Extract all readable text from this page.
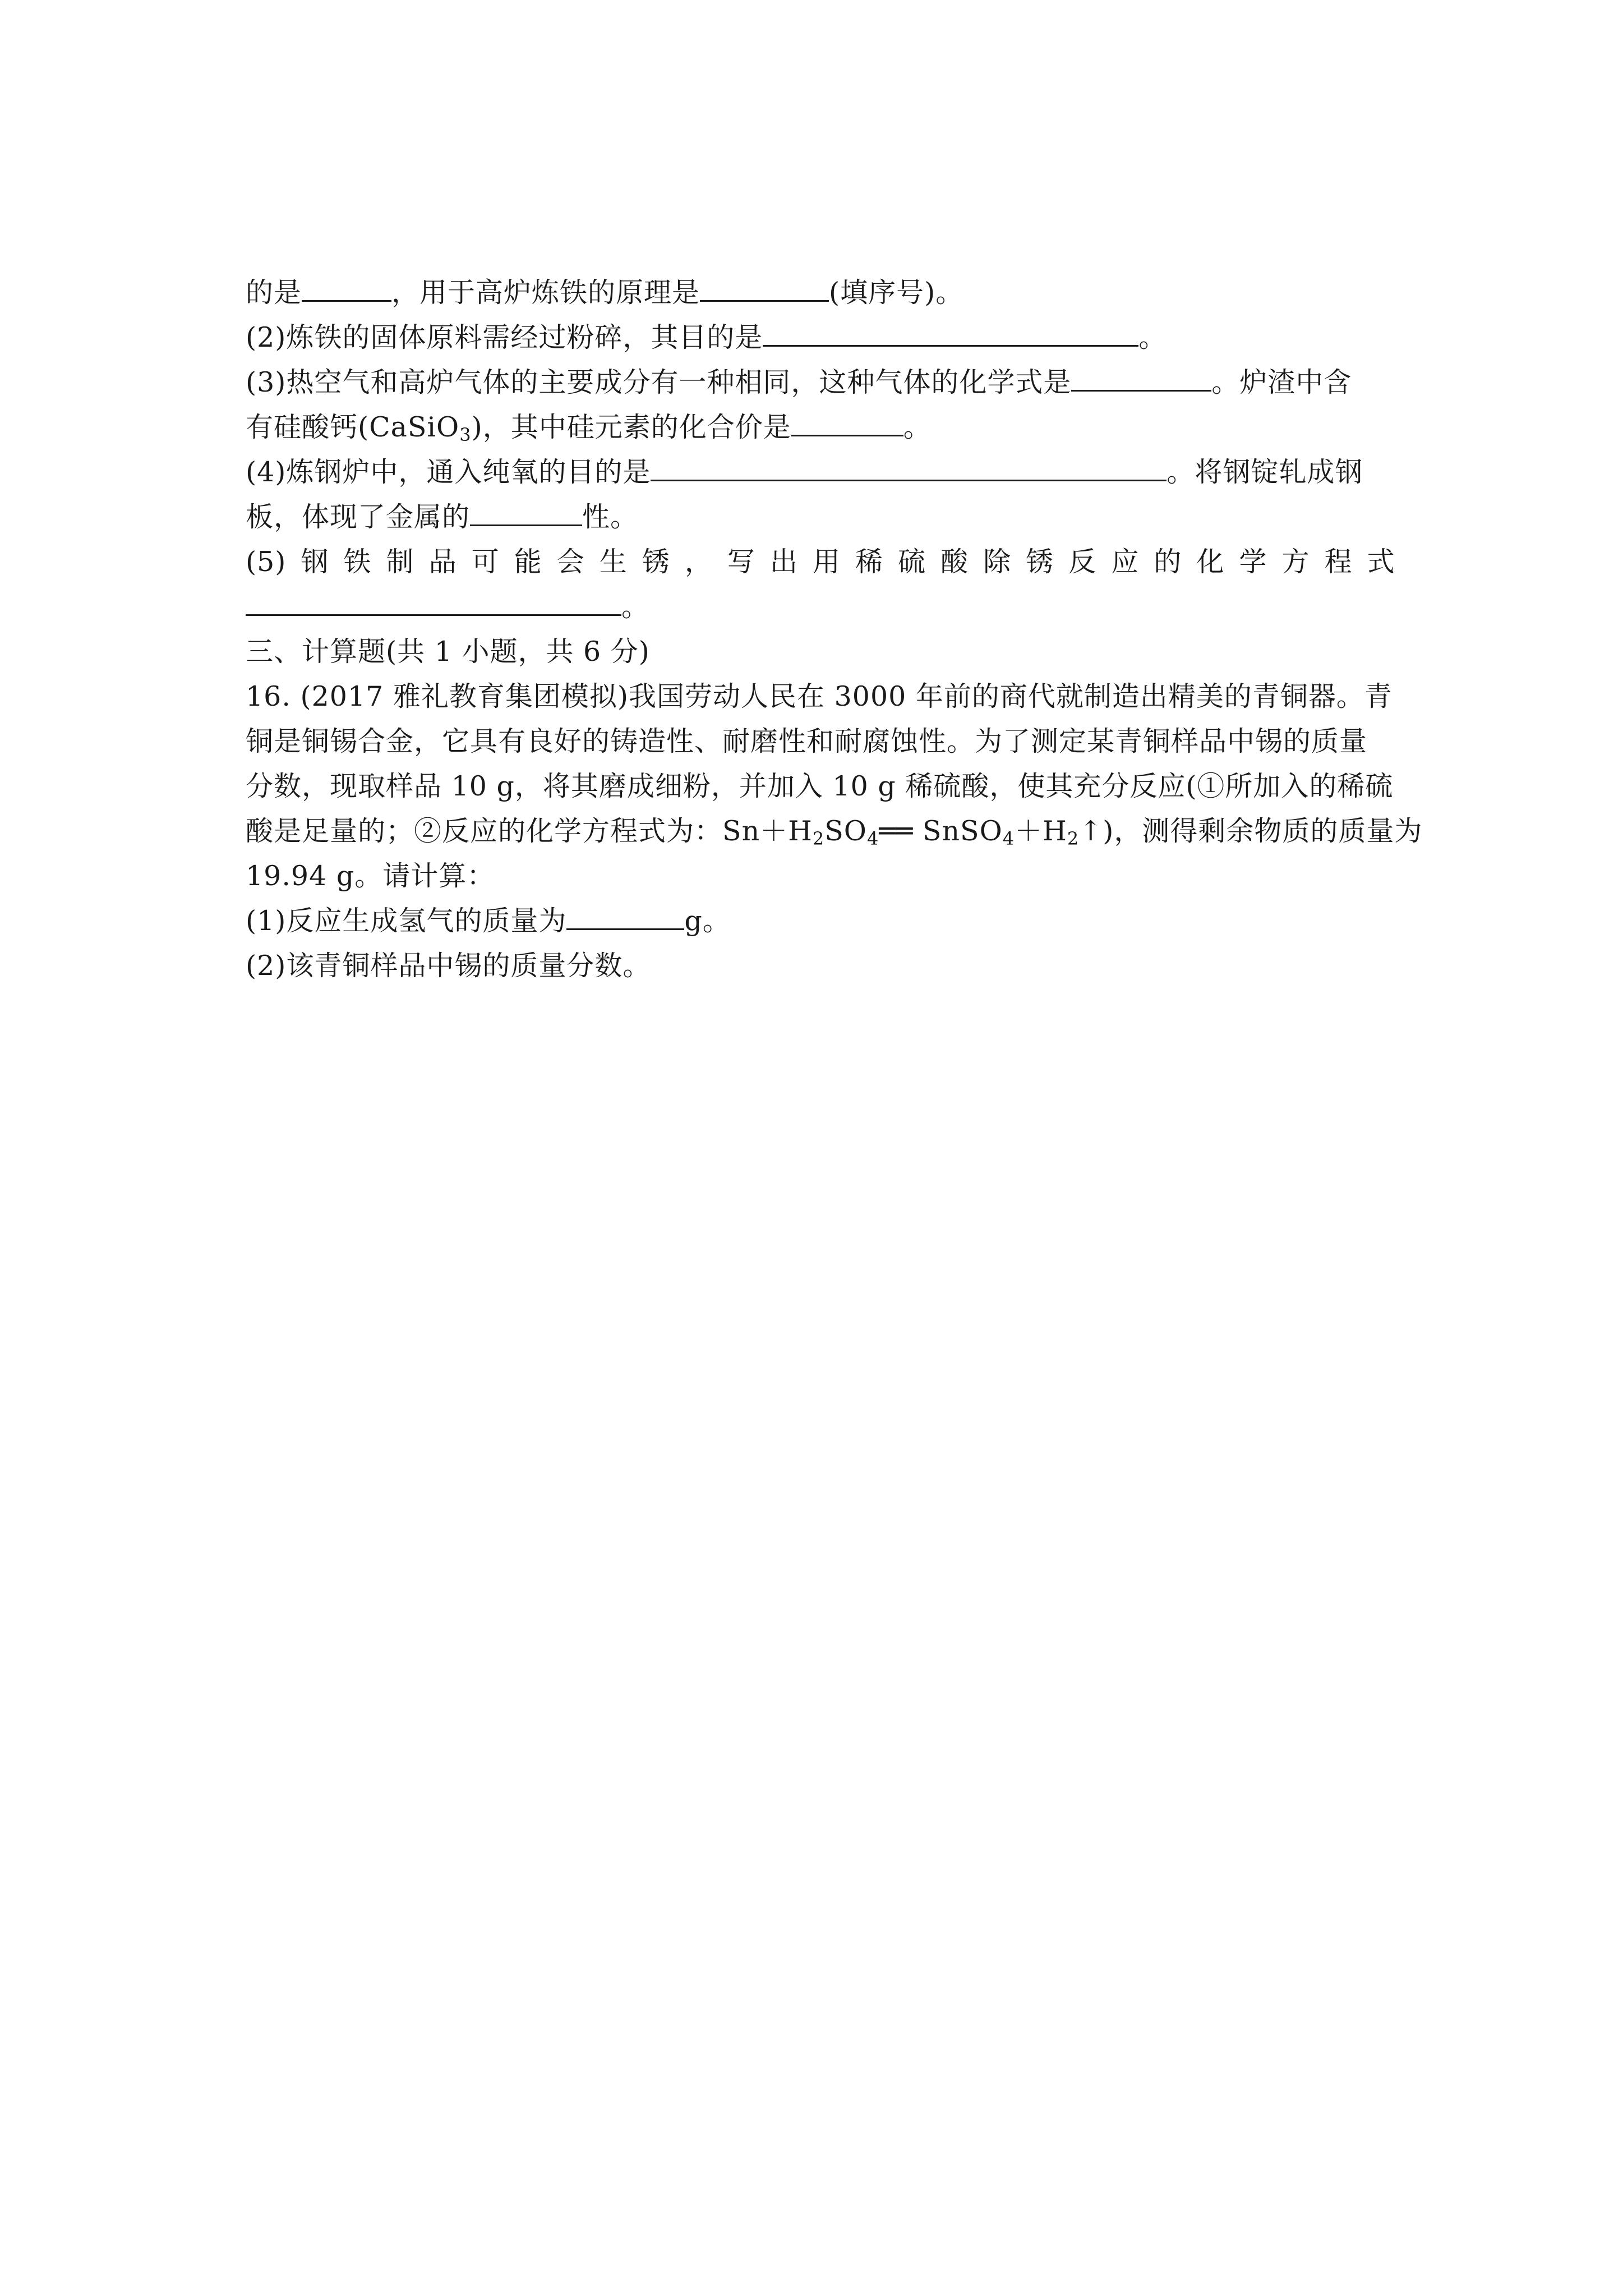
的是	，用于高炉炼铁的原理是	(填序号)。
(2)炼铁的固体原料需经过粉碎，其目的是	。
(3)热空气和高炉气体的主要成分有一种相同，这种气体的化学式是	。炉渣中含
有硅酸钙(CaSiO$_3$)，其中硅元素的化合价是	。
(4)炼钢炉中，通入纯氧的目的是	。将钢锭轧成钢
板，体现了金属的	性。
(5) 钢 铁 制 品 可 能 会 生 锈 ， 写 出 用 稀 硫 酸 除 锈 反 应 的 化 学 方 程 式
。
三、计算题(共 1 小题，共 6 分)
16. (2017 雅礼教育集团模拟)我国劳动人民在 3000 年前的商代就制造出精美的青铜器。青
铜是铜锡合金，它具有良好的铸造性、耐磨性和耐腐蚀性。为了测定某青铜样品中锡的质量
分数，现取样品 10 g，将其磨成细粉，并加入 10 g 稀硫酸，使其充分反应(①所加入的稀硫
酸是足量的；②反应的化学方程式为：$Sn+H_2SO_4══$ $SnSO_4+H_2↑$)，测得剩余物质的质量为
19.94 g。请计算：
(1)反应生成氢气的质量为	g。
(2)该青铜样品中锡的质量分数。
